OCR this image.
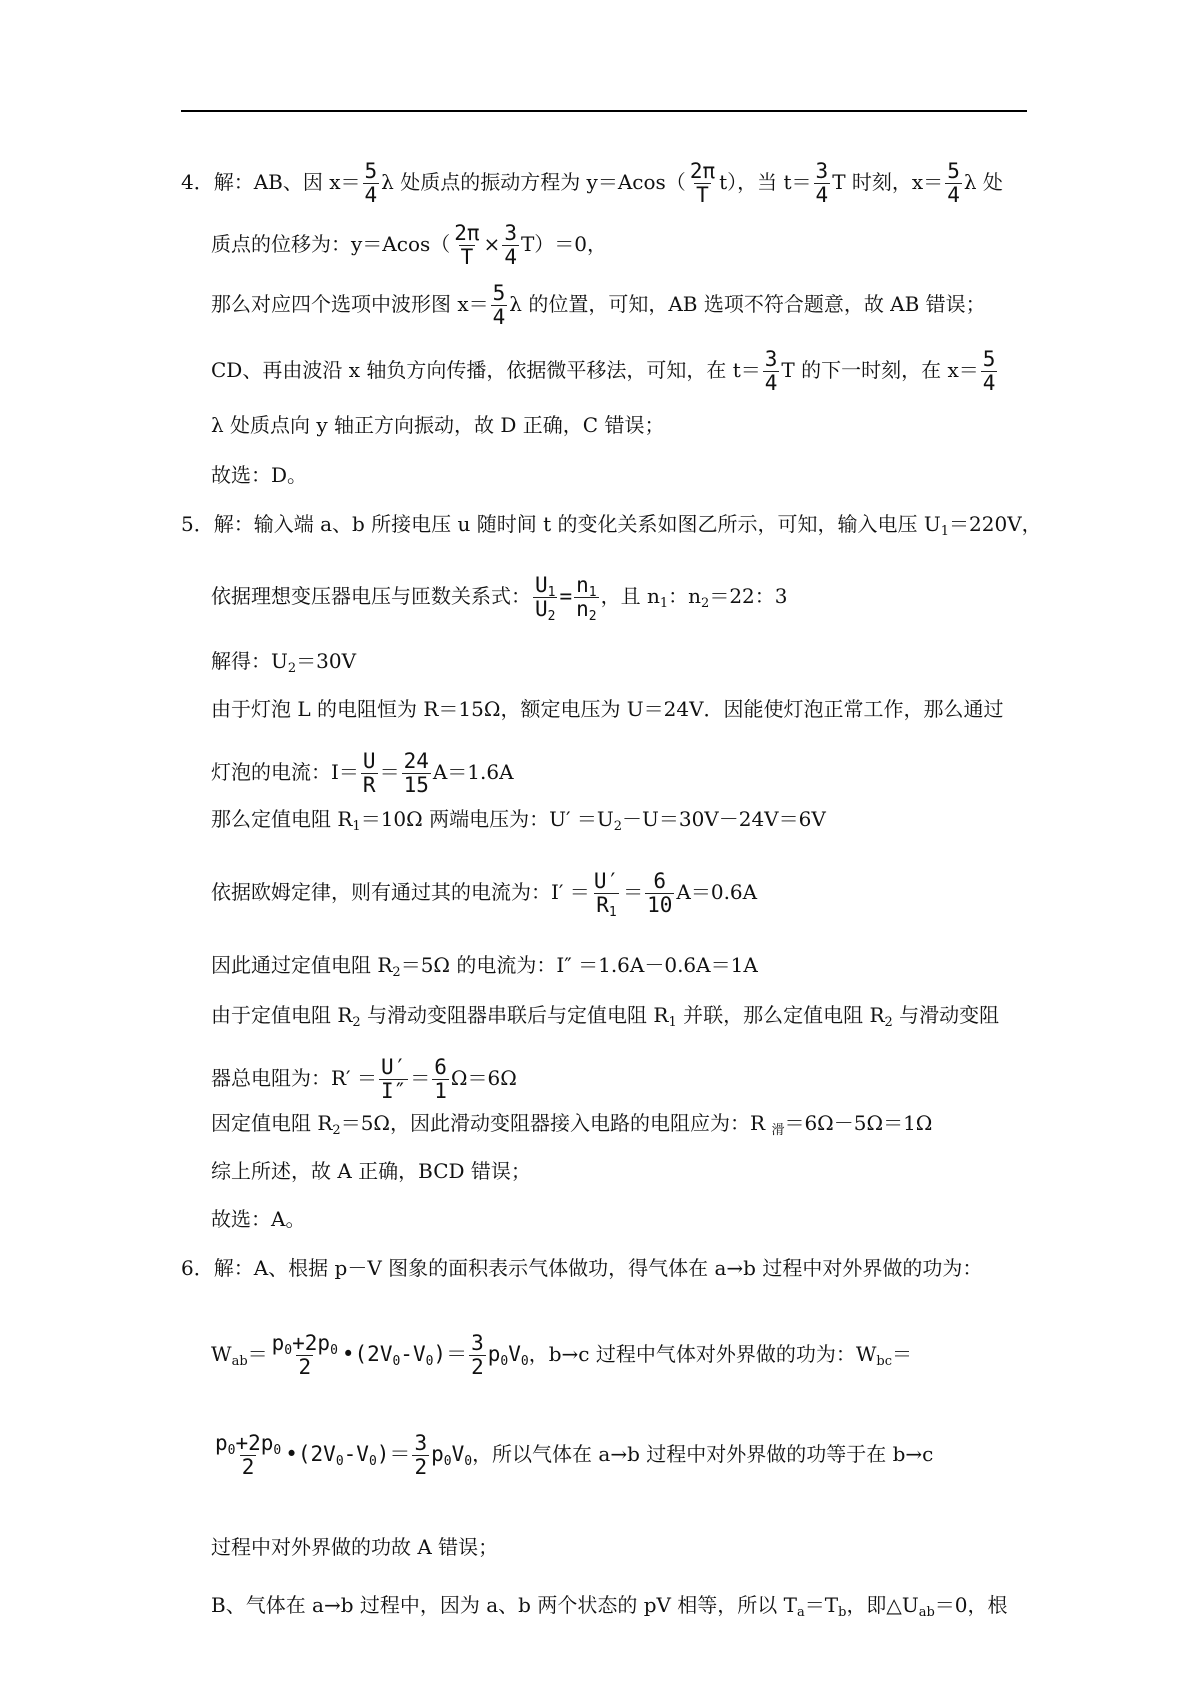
4．解：AB、因 $x= \frac{5}{4}$ λ 处质点的振动方程为 $y=Acos( \frac{2\pi}{T} t)$，当 $t= \frac{3}{4}$ T 时刻，$x= \frac{5}{4}$ λ 处
质点的位移为：$y=Acos( \frac{2\pi}{T} \times \frac{3}{4} T)=0$，
那么对应四个选项中波形图 $x= \frac{5}{4}$ λ 的位置，可知，AB 选项不符合题意，故 AB 错误；
CD、再由波沿 x 轴负方向传播，依据微平移法，可知，在 $t= \frac{3}{4}$ T 的下一时刻，在 $x= \frac{5}{4}$
λ 处质点向 y 轴正方向振动，故 D 正确，C 错误；
故选：D。
5．解：输入端 a、b 所接电压 u 随时间 t 的变化关系如图乙所示，可知，输入电压 $U_1=220V$，
依据理想变压器电压与匝数关系式： $\frac{U_1}{U_2} = \frac{n_1}{n_2}$ ，且 $n_1$：$n_2=22$：3
解得：$U_2=30V$
由于灯泡 L 的电阻恒为 R＝15Ω，额定电压为 U＝24V．因能使灯泡正常工作，那么通过
灯泡的电流：$I= \frac{U}{R} = \frac{24}{15} A=1.6A$
那么定值电阻 $R_1=10\Omega$ 两端电压为：$U' =U_2-U=30V-24V=6V$
依据欧姆定律，则有通过其的电流为：$I' = \frac{U'}{R_1} = \frac{6}{10} A=0.6A$
因此通过定值电阻 $R_2=5\Omega$ 的电流为：I″ ＝1.6A－0.6A＝1A
由于定值电阻 $R_2$ 与滑动变阻器串联后与定值电阻 $R_1$ 并联，那么定值电阻 $R_2$ 与滑动变阻
器总电阻为：$R' = \frac{U'}{I''} = \frac{6}{1} \Omega=6\Omega$
因定值电阻 $R_2=5\Omega$，因此滑动变阻器接入电路的电阻应为：R $_滑$＝6Ω－5Ω＝1Ω
综上所述，故 A 正确，BCD 错误；
故选：A。
6．解：A、根据 p－V 图象的面积表示气体做功，得气体在 a→b 过程中对外界做的功为：
$W_{ab}= \frac{p_0+2p_0}{2}$ $•(2V_0-V_0)= \frac{3}{2} p_0V_0$，b→c 过程中气体对外界做的功为：$W_{bc}=$
$\frac{p_0+2p_0}{2}$ $•(2V_0-V_0)= \frac{3}{2} p_0V_0$，所以气体在 a→b 过程中对外界做的功等于在 b→c
过程中对外界做的功故 A 错误；
B、气体在 a→b 过程中，因为 a、b 两个状态的 pV 相等，所以 $T_a=T_b$，即$\triangle U_{ab}=0$，根
